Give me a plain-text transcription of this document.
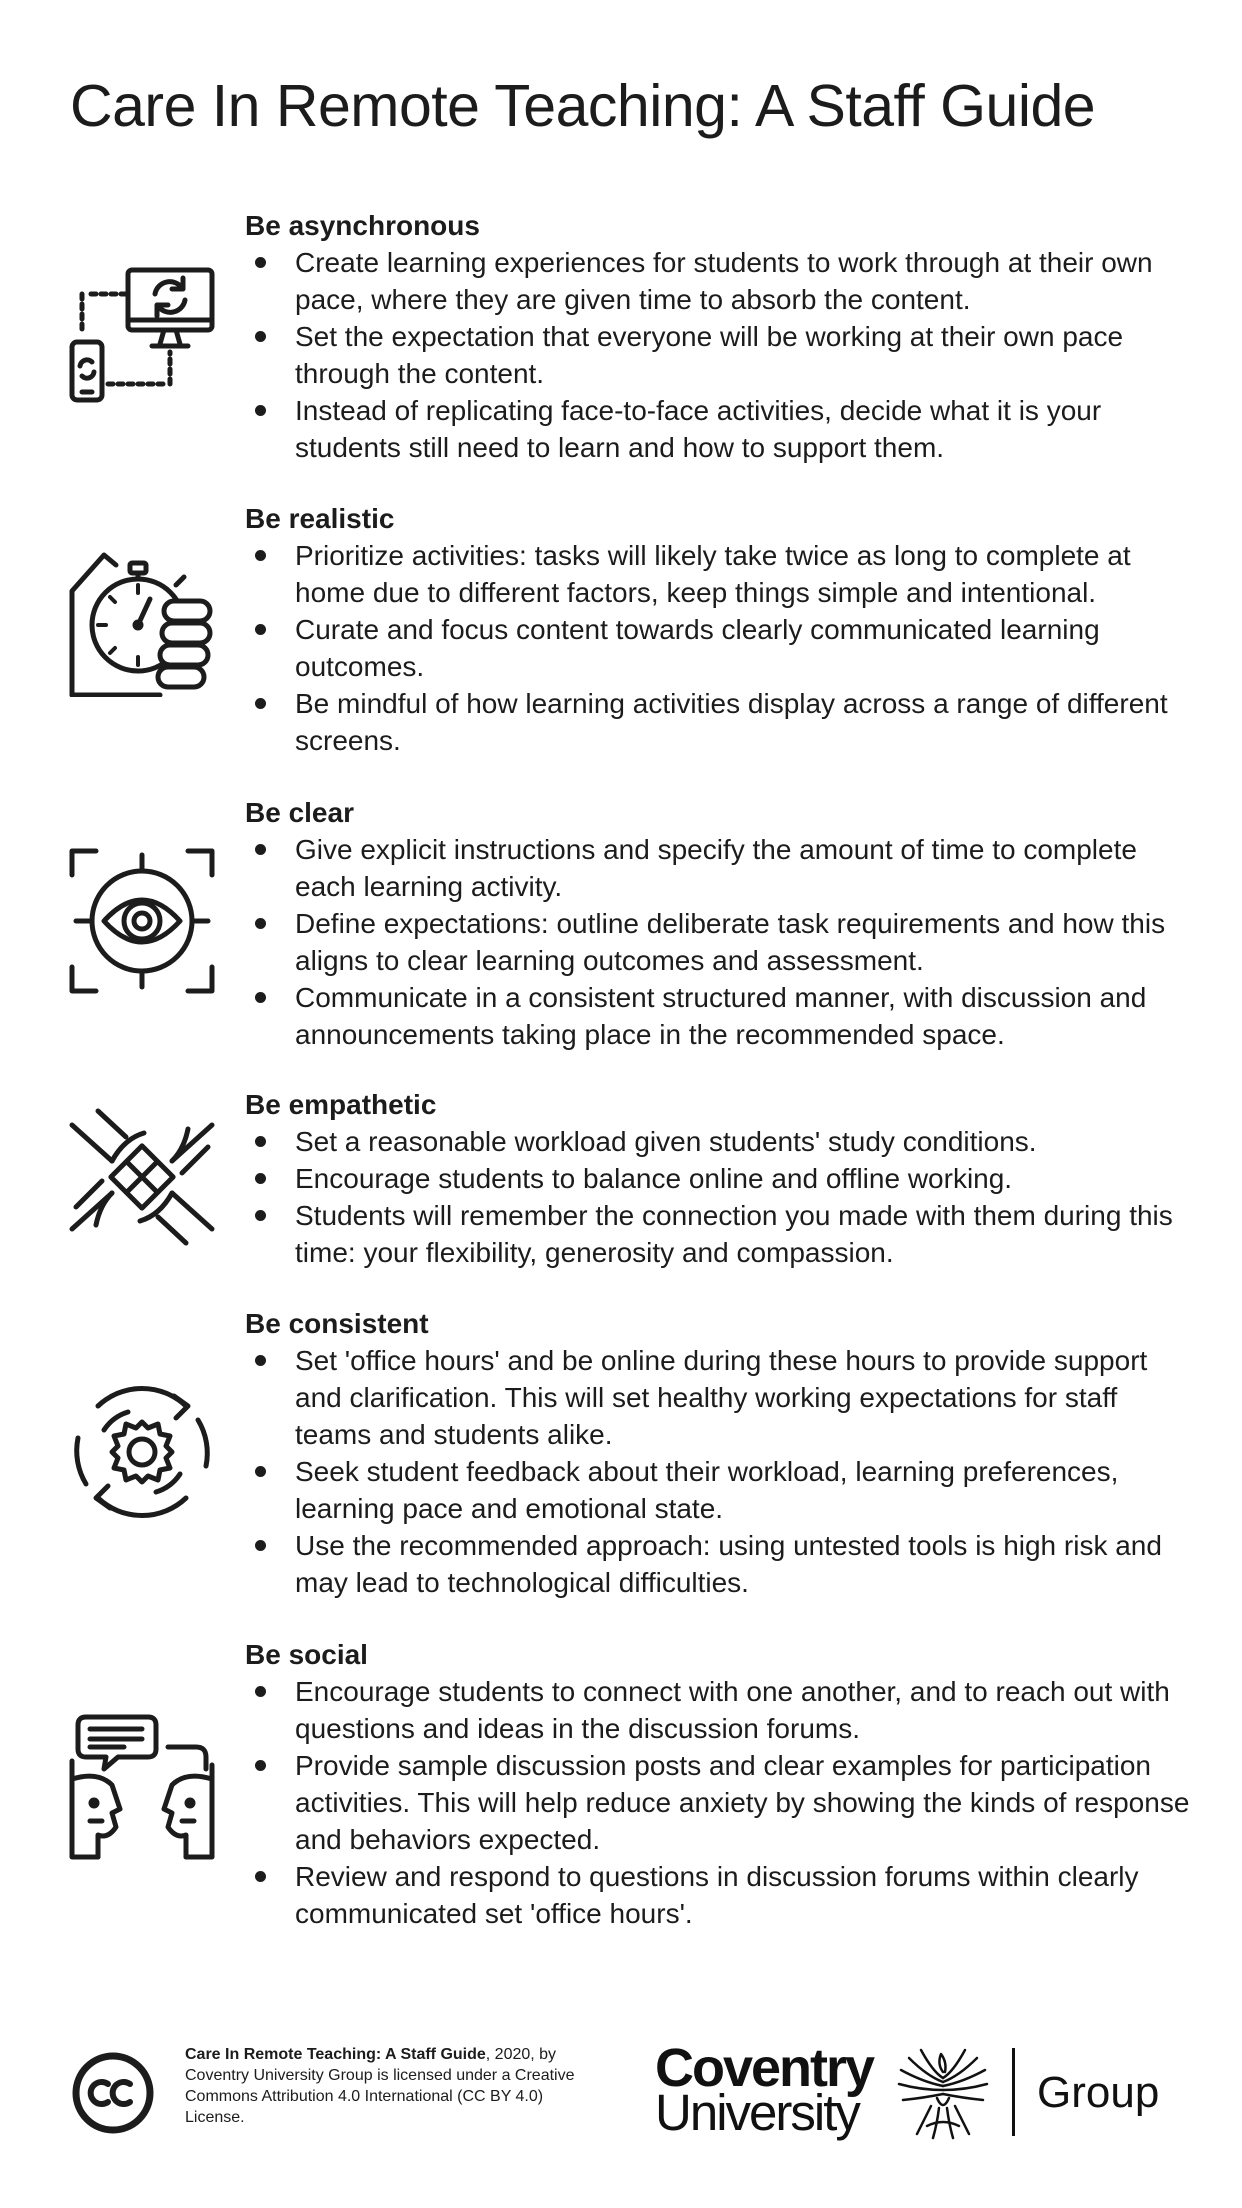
Care In Remote Teaching: A Staff Guide
Be asynchronous
Create learning experiences for students to work through at their own pace, where they are given time to absorb the content.
Set the expectation that everyone will be working at their own pace through the content.
Instead of replicating face-to-face activities, decide what it is your students still need to learn and how to support them.
Be realistic
Prioritize activities: tasks will likely take twice as long to complete at home due to different factors, keep things simple and intentional.
Curate and focus content towards clearly communicated learning outcomes.
Be mindful of how learning activities display across a range of different screens.
Be clear
Give explicit instructions and specify the amount of time to complete each learning activity.
Define expectations: outline deliberate task requirements and how this aligns to clear learning outcomes and assessment.
Communicate in a consistent structured manner, with discussion and announcements taking place in the recommended space.
Be empathetic
Set a reasonable workload given students' study conditions.
Encourage students to balance online and offline working.
Students will remember the connection you made with them during this time: your flexibility, generosity and compassion.
Be consistent
Set 'office hours' and be online during these hours to provide support and clarification. This will set healthy working expectations for staff teams and students alike.
Seek student feedback about their workload, learning preferences, learning pace and emotional state.
Use the recommended approach: using untested tools is high risk and may lead to technological difficulties.
Be social
Encourage students to connect with one another, and to reach out with questions and ideas in the discussion forums.
Provide sample discussion posts and clear examples for participation activities. This will help reduce anxiety by showing the kinds of response and behaviors expected.
Review and respond to questions in discussion forums within clearly communicated set 'office hours'.

Care In Remote Teaching: A Staff Guide, 2020, by Coventry University Group is licensed under a Creative Commons Attribution 4.0 International (CC BY 4.0) License.

Coventry

University	Group
